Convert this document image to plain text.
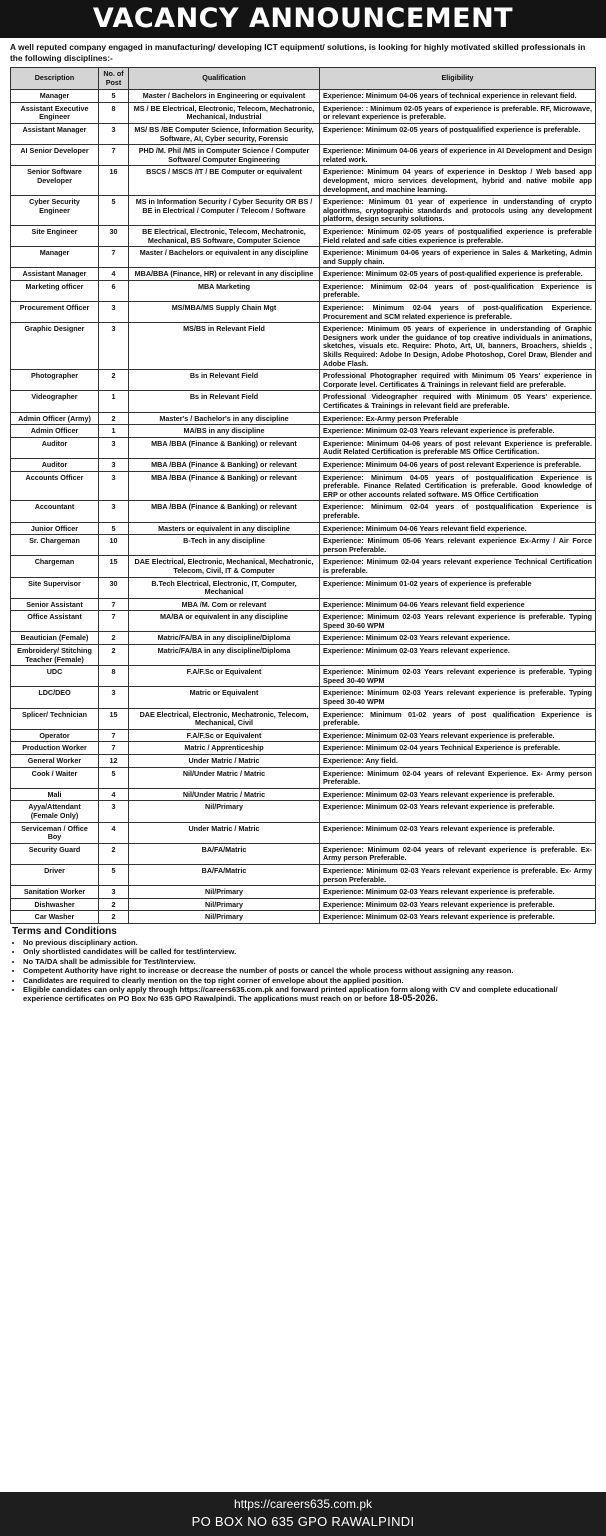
VACANCY ANNOUNCEMENT
A well reputed company engaged in manufacturing/ developing ICT equipment/ solutions, is looking for highly motivated skilled professionals in the following disciplines:-
Description	No. of Post	Qualification	Eligibility
Manager	5	Master / Bachelors in Engineering or equivalent	Experience: Minimum 04-06 years of technical experience in relevant field.
Assistant Executive Engineer	8	MS / BE Electrical, Electronic, Telecom, Mechatronic, Mechanical, Industrial	Experience: : Minimum 02-05 years of experience is preferable. RF, Microwave, or relevant experience is preferable.
Assistant Manager	3	MS/ BS /BE Computer Science, Information Security, Software, AI, Cyber security, Forensic	Experience: Minimum 02-05 years of postqualified experience is preferable.
AI Senior Developer	7	PHD /M. Phil /MS in Computer Science / Computer Software/ Computer Engineering	Experience: Minimum 04-06 years of experience in AI Development and Design related work.
Senior Software Developer	16	BSCS / MSCS /IT / BE Computer or equivalent	Experience: Minimum 04 years of experience in Desktop / Web based app development, micro services development, hybrid and native mobile app development, and machine learning.
Cyber Security Engineer	5	MS in Information Security / Cyber Security OR BS / BE in Electrical / Computer / Telecom / Software	Experience: Minimum 01 year of experience in understanding of crypto algorithms, cryptographic standards and protocols using any development platform, design security solutions.
Site Engineer	30	BE Electrical, Electronic, Telecom, Mechatronic, Mechanical, BS Software, Computer Science	Experience: Minimum 02-05 years of postqualified experience is preferable Field related and safe cities experience is preferable.
Manager	7	Master / Bachelors or equivalent in any discipline	Experience: Minimum 04-06 years of experience in Sales & Marketing, Admin and Supply chain.
Assistant Manager	4	MBA/BBA (Finance, HR) or relevant in any discipline	Experience: Minimum 02-05 years of post-qualified experience is preferable.
Marketing officer	6	MBA Marketing	Experience: Minimum 02-04 years of post-qualification Experience is preferable.
Procurement Officer	3	MS/MBA/MS Supply Chain Mgt	Experience: Minimum 02-04 years of post-qualification Experience. Procurement and SCM related experience is preferable.
Graphic Designer	3	MS/BS in Relevant Field	Experience: Minimum 05 years of experience in understanding of Graphic Designers work under the guidance of top creative individuals in animations, sketches, visuals etc. Require: Photo, Art, UI, banners, Broachers, shields , Skills Required: Adobe In Design, Adobe Photoshop, Corel Draw, Blender and Adobe Flash.
Photographer	2	Bs in Relevant Field	Professional Photographer required with Minimum 05 Years' experience in Corporate level. Certificates & Trainings in relevant field are preferable.
Videographer	1	Bs in Relevant Field	Professional Videographer required with Minimum 05 Years' experience. Certificates & Trainings in relevant field are preferable.
Admin Officer (Army)	2	Master's / Bachelor's in any discipline	Experience: Ex-Army person Preferable
Admin Officer	1	MA/BS in any discipline	Experience: Minimum 02-03 Years relevant experience is preferable.
Auditor	3	MBA /BBA (Finance & Banking) or relevant	Experience: Minimum 04-06 years of post relevant Experience is preferable. Audit Related Certification is preferable MS Office Certification.
Auditor	3	MBA /BBA (Finance & Banking) or relevant	Experience: Minimum 04-06 years of post relevant Experience is preferable.
Accounts Officer	3	MBA /BBA (Finance & Banking) or relevant	Experience: Minimum 04-05 years of postqualification Experience is preferable. Finance Related Certification is preferable. Good knowledge of ERP or other accounts related software. MS Office Certification
Accountant	3	MBA /BBA (Finance & Banking) or relevant	Experience: Minimum 02-04 years of postqualification Experience is preferable.
Junior Officer	5	Masters or equivalent in any discipline	Experience: Minimum 04-06 Years relevant field experience.
Sr. Chargeman	10	B-Tech in any discipline	Experience: Minimum 05-06 Years relevant experience Ex-Army / Air Force person Preferable.
Chargeman	15	DAE Electrical, Electronic, Mechanical, Mechatronic, Telecom, Civil, IT & Computer	Experience: Minimum 02-04 years relevant experience Technical Certification is preferable.
Site Supervisor	30	B.Tech Electrical, Electronic, IT, Computer, Mechanical	Experience: Minimum 01-02 years of experience is preferable
Senior Assistant	7	MBA /M. Com or relevant	Experience: Minimum 04-06 Years relevant field experience
Office Assistant	7	MA/BA or equivalent in any discipline	Experience: Minimum 02-03 Years relevant experience is preferable. Typing Speed 30-60 WPM
Beautician (Female)	2	Matric/FA/BA in any discipline/Diploma	Experience: Minimum 02-03 Years relevant experience.
Embroidery/ Stitching Teacher (Female)	2	Matric/FA/BA in any discipline/Diploma	Experience: Minimum 02-03 Years relevant experience.
UDC	8	F.A/F.Sc or Equivalent	Experience: Minimum 02-03 Years relevant experience is preferable. Typing Speed 30-40 WPM
LDC/DEO	3	Matric or Equivalent	Experience: Minimum 02-03 Years relevant experience is preferable. Typing Speed 30-40 WPM
Splicer/ Technician	15	DAE Electrical, Electronic, Mechatronic, Telecom, Mechanical, Civil	Experience: Minimum 01-02 years of post qualification Experience is preferable.
Operator	7	F.A/F.Sc or Equivalent	Experience: Minimum 02-03 Years relevant experience is preferable.
Production Worker	7	Matric / Apprenticeship	Experience: Minimum 02-04 years Technical Experience is preferable.
General Worker	12	Under Matric / Matric	Experience: Any field.
Cook / Waiter	5	Nil/Under Matric / Matric	Experience: Minimum 02-04 years of relevant Experience. Ex- Army person Preferable.
Mali	4	Nil/Under Matric / Matric	Experience: Minimum 02-03 Years relevant experience is preferable.
Ayya/Attendant (Female Only)	3	Nil/Primary	Experience: Minimum 02-03 Years relevant experience is preferable.
Serviceman / Office Boy	4	Under Matric / Matric	Experience: Minimum 02-03 Years relevant experience is preferable.
Security Guard	2	BA/FA/Matric	Experience: Minimum 02-04 years of relevant experience is preferable. Ex- Army person Preferable.
Driver	5	BA/FA/Matric	Experience: Minimum 02-03 Years relevant experience is preferable. Ex- Army person Preferable.
Sanitation Worker	3	Nil/Primary	Experience: Minimum 02-03 Years relevant experience is preferable.
Dishwasher	2	Nil/Primary	Experience: Minimum 02-03 Years relevant experience is preferable.
Car Washer	2	Nil/Primary	Experience: Minimum 02-03 Years relevant experience is preferable.
Terms and Conditions
• No previous disciplinary action.
• Only shortlisted candidates will be called for test/interview.
• No TA/DA shall be admissible for Test/Interview.
• Competent Authority have right to increase or decrease the number of posts or cancel the whole process without assigning any reason.
• Candidates are required to clearly mention on the top right corner of envelope about the applied position.
• Eligible candidates can only apply through https://careers635.com.pk and forward printed application form along with CV and complete educational/ experience certificates on PO Box No 635 GPO Rawalpindi. The applications must reach on or before 18-05-2026.
https://careers635.com.pk
PO BOX NO 635 GPO RAWALPINDI
